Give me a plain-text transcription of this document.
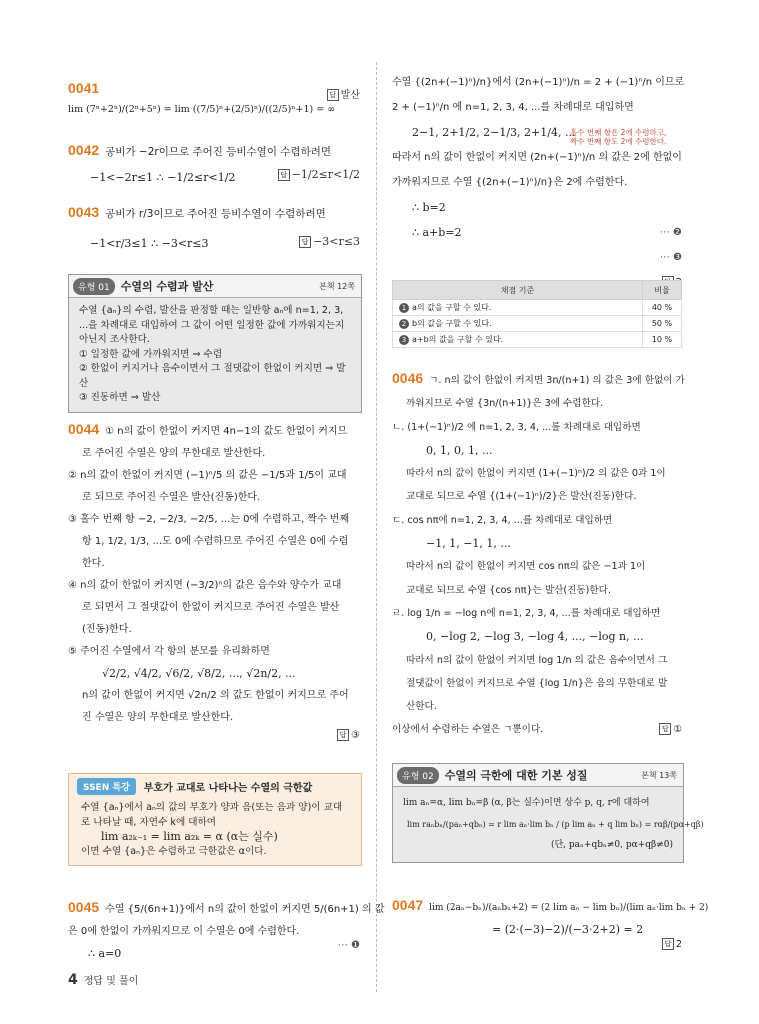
0041 lim (7ⁿ+2ⁿ)/(2ⁿ+5ⁿ) = lim ((7/5)ⁿ+(2/5)ⁿ)/((2/5)ⁿ+1) = ∞
답 발산
0042 공비가 −2r이므로 주어진 등비수열이 수렴하려면
−1<−2r≤1 ∴ −1/2≤r<1/2	답 −1/2≤r<1/2
0043 공비가 r/3이므로 주어진 등비수열이 수렴하려면
−1<r/3≤1 ∴ −3<r≤3	답 −3<r≤3
유형 01	수열의 수렴과 발산	본책 12쪽
수열 {aₙ}의 수렴, 발산을 판정할 때는 일반항 aₙ에 n=1, 2, 3,
...을 차례대로 대입하여 그 값이 어떤 일정한 값에 가까워지는지
아닌지 조사한다.
① 일정한 값에 가까워지면 ⇒ 수렴
② 한없이 커지거나 음수이면서 그 절댓값이 한없이 커지면 ⇒ 발산
③ 진동하면 ⇒ 발산
0044 ① n의 값이 한없이 커지면 4n−1의 값도 한없이 커지므
로 주어진 수열은 양의 무한대로 발산한다.
② n의 값이 한없이 커지면 (−1)ⁿ/5 의 값은 −1/5과 1/5이 교대
로 되므로 주어진 수열은 발산(진동)한다.
③ 홀수 번째 항 −2, −2/3, −2/5, ...는 0에 수렴하고, 짝수 번째
항 1, 1/2, 1/3, ...도 0에 수렴하므로 주어진 수열은 0에 수렴
한다.
④ n의 값이 한없이 커지면 (−3/2)ⁿ의 값은 음수와 양수가 교대
로 되면서 그 절댓값이 한없이 커지므로 주어진 수열은 발산
(진동)한다.
⑤ 주어진 수열에서 각 항의 분모를 유리화하면
√2/2, √4/2, √6/2, √8/2, ..., √2n/2, ...
n의 값이 한없이 커지면 √2n/2 의 값도 한없이 커지므로 주어
진 수열은 양의 무한대로 발산한다.
답 ③
SSEN 특강	부호가 교대로 나타나는 수열의 극한값
수열 {aₙ}에서 aₙ의 값의 부호가 양과 음(또는 음과 양)이 교대
로 나타날 때, 자연수 k에 대하여
lim a₂ₖ₋₁ = lim a₂ₖ = α (α는 실수)
이면 수열 {aₙ}은 수렴하고 극한값은 α이다.
0045 수열 {5/(6n+1)}에서 n의 값이 한없이 커지면 5/(6n+1) 의 값
은 0에 한없이 가까워지므로 이 수열은 0에 수렴한다.
∴ a=0
⋯ ❶
수열 {(2n+(−1)ⁿ)/n}에서 (2n+(−1)ⁿ)/n = 2 + (−1)ⁿ/n 이므로
2 + (−1)ⁿ/n 에 n=1, 2, 3, 4, ...를 차례대로 대입하면
2−1, 2+1/2, 2−1/3, 2+1/4, ...
따라서 n의 값이 한없이 커지면 (2n+(−1)ⁿ)/n 의 값은 2에 한없이
가까워지므로 수열 {(2n+(−1)ⁿ)/n}은 2에 수렴한다.
∴ b=2
∴ a+b=2
홀수 번째 항은 2에 수렴하고,
짝수 번째 항도 2에 수렴한다.
⋯ ❷
⋯ ❸
채점 기준	비율
1 a의 값을 구할 수 있다.	40 %
2 b의 값을 구할 수 있다.	50 %
3 a+b의 값을 구할 수 있다.	10 %
0046 ㄱ. n의 값이 한없이 커지면 3n/(n+1) 의 값은 3에 한없이 가
까워지므로 수열 {3n/(n+1)}은 3에 수렴한다.
ㄴ. (1+(−1)ⁿ)/2 에 n=1, 2, 3, 4, ...를 차례대로 대입하면
0, 1, 0, 1, ...
따라서 n의 값이 한없이 커지면 (1+(−1)ⁿ)/2 의 값은 0과 1이
교대로 되므로 수열 {(1+(−1)ⁿ)/2}은 발산(진동)한다.
ㄷ. cos nπ에 n=1, 2, 3, 4, ...를 차례대로 대입하면
−1, 1, −1, 1, ...
따라서 n의 값이 한없이 커지면 cos nπ의 값은 −1과 1이
교대로 되므로 수열 {cos nπ}는 발산(진동)한다.
ㄹ. log 1/n = −log n에 n=1, 2, 3, 4, ...를 차례대로 대입하면
0, −log 2, −log 3, −log 4, ..., −log n, ...
따라서 n의 값이 한없이 커지면 log 1/n 의 값은 음수이면서 그
절댓값이 한없이 커지므로 수열 {log 1/n}은 음의 무한대로 발
산한다.
이상에서 수렴하는 수열은 ㄱ뿐이다.	답 ①
유형 02	수열의 극한에 대한 기본 성질	본책 13쪽
lim aₙ=α, lim bₙ=β (α, β는 실수)이면 상수 p, q, r에 대하여
lim raₙbₙ/(paₙ+qbₙ) = r lim aₙ·lim bₙ / (p lim aₙ + q lim bₙ) = rαβ/(pα+qβ)
(단, paₙ+qbₙ≠0, pα+qβ≠0)
0047 lim (2aₙ−bₙ)/(aₙbₙ+2) = (2 lim aₙ − lim bₙ)/(lim aₙ·lim bₙ + 2)
= (2·(−3)−2)/(−3·2+2) = 2
답 2
4 정답 및 풀이
